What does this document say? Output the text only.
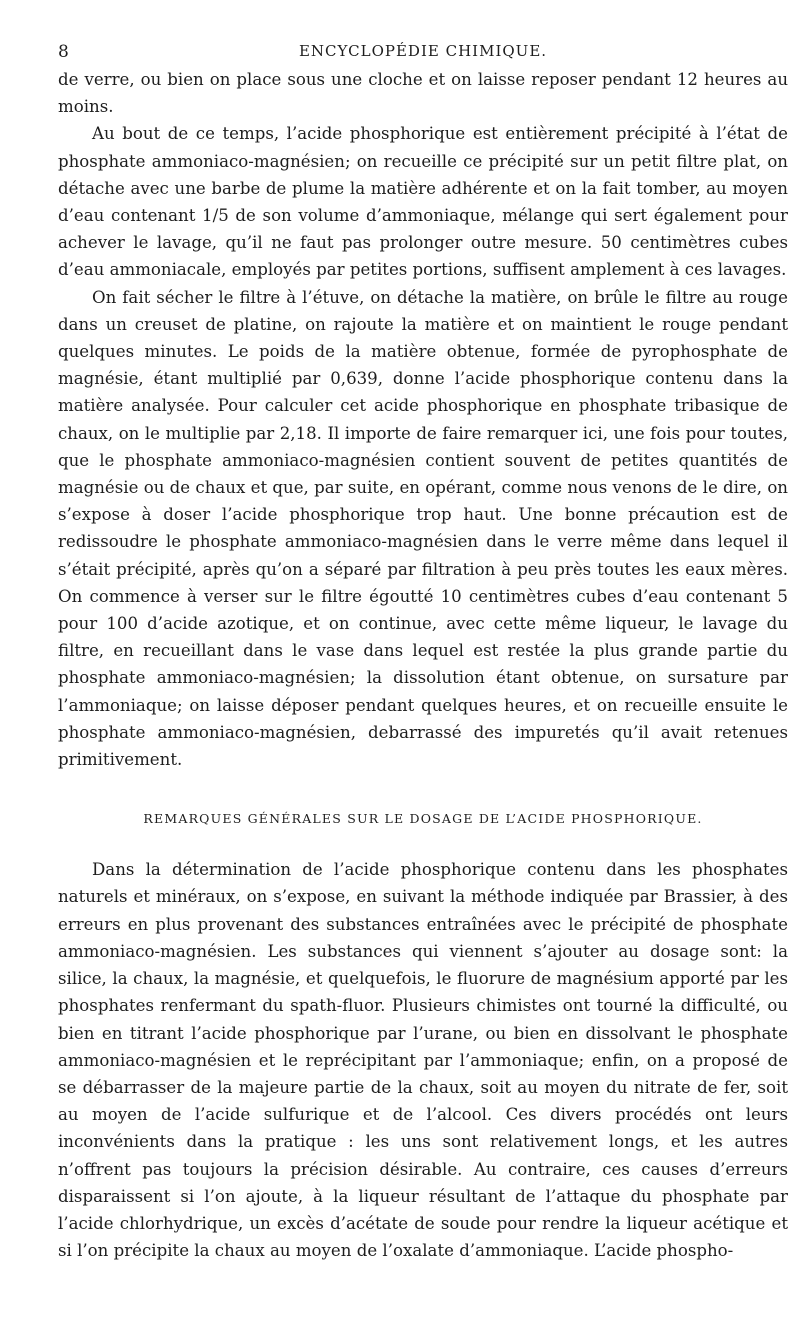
8	ENCYCLOPÉDIE CHIMIQUE.

de verre, ou bien on place sous une cloche et on laisse reposer pendant 12 heures au moins.

Au bout de ce temps, l’acide phosphorique est entièrement précipité à l’état de phosphate ammoniaco-magnésien; on recueille ce précipité sur un petit filtre plat, on détache avec une barbe de plume la matière adhérente et on la fait tomber, au moyen d’eau contenant 1/5 de son volume d’ammoniaque, mélange qui sert également pour achever le lavage, qu’il ne faut pas prolonger outre mesure. 50 centimètres cubes d’eau ammoniacale, employés par petites portions, suffisent amplement à ces lavages.

On fait sécher le filtre à l’étuve, on détache la matière, on brûle le filtre au rouge dans un creuset de platine, on rajoute la matière et on maintient le rouge pendant quelques minutes. Le poids de la matière obtenue, formée de pyrophosphate de magnésie, étant multiplié par 0,639, donne l’acide phosphorique contenu dans la matière analysée. Pour calculer cet acide phosphorique en phosphate tribasique de chaux, on le multiplie par 2,18. Il importe de faire remarquer ici, une fois pour toutes, que le phosphate ammoniaco-magnésien contient souvent de petites quantités de magnésie ou de chaux et que, par suite, en opérant, comme nous venons de le dire, on s’expose à doser l’acide phosphorique trop haut. Une bonne précaution est de redissoudre le phosphate ammoniaco-magnésien dans le verre même dans lequel il s’était précipité, après qu’on a séparé par filtration à peu près toutes les eaux mères. On commence à verser sur le filtre égoutté 10 centimètres cubes d’eau contenant 5 pour 100 d’acide azotique, et on continue, avec cette même liqueur, le lavage du filtre, en recueillant dans le vase dans lequel est restée la plus grande partie du phosphate ammoniaco-magnésien; la dissolution étant obtenue, on sursature par l’ammoniaque; on laisse déposer pendant quelques heures, et on recueille ensuite le phosphate ammoniaco-magnésien, debarrassé des impuretés qu’il avait retenues primitivement.

REMARQUES GÉNÉRALES SUR LE DOSAGE DE L’ACIDE PHOSPHORIQUE.

Dans la détermination de l’acide phosphorique contenu dans les phosphates naturels et minéraux, on s’expose, en suivant la méthode indiquée par Brassier, à des erreurs en plus provenant des substances entraînées avec le précipité de phosphate ammoniaco-magnésien. Les substances qui viennent s’ajouter au dosage sont: la silice, la chaux, la magnésie, et quelquefois, le fluorure de magnésium apporté par les phosphates renfermant du spath-fluor. Plusieurs chimistes ont tourné la difficulté, ou bien en titrant l’acide phosphorique par l’urane, ou bien en dissolvant le phosphate ammoniaco-magnésien et le reprécipitant par l’ammoniaque; enfin, on a proposé de se débarrasser de la majeure partie de la chaux, soit au moyen du nitrate de fer, soit au moyen de l’acide sulfurique et de l’alcool. Ces divers procédés ont leurs inconvénients dans la pratique : les uns sont relativement longs, et les autres n’offrent pas toujours la précision désirable. Au contraire, ces causes d’erreurs disparaissent si l’on ajoute, à la liqueur résultant de l’attaque du phosphate par l’acide chlorhydrique, un excès d’acétate de soude pour rendre la liqueur acétique et si l’on précipite la chaux au moyen de l’oxalate d’ammoniaque. L’acide phospho-
